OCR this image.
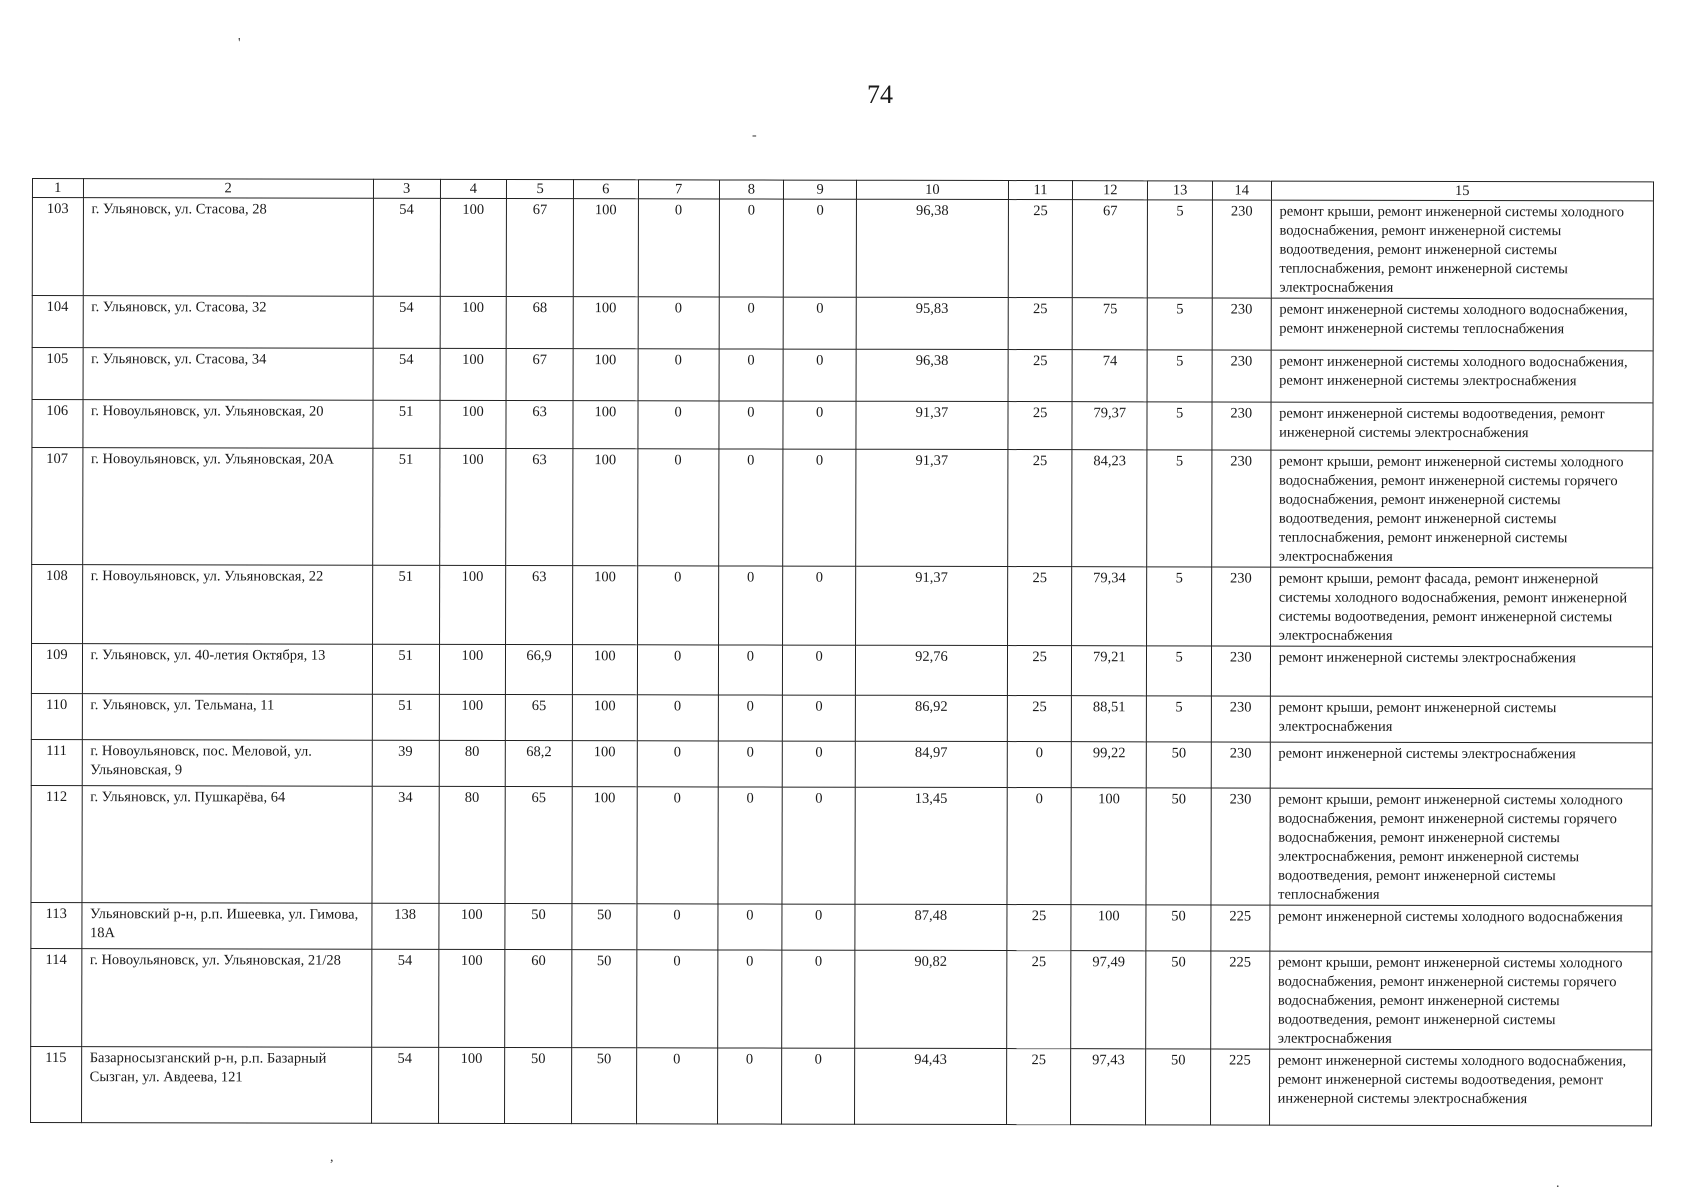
74
'
-
,
.
1	2	3	4	5	6	7	8	9	10	11	12	13	14	15
103	г. Ульяновск, ул. Стасова, 28	54	100	67	100	0	0	0	96,38	25	67	5	230	ремонт крыши, ремонт инженерной системы холодного водоснабжения, ремонт инженерной системы водоотведения, ремонт инженерной системы теплоснабжения, ремонт инженерной системы электроснабжения
104	г. Ульяновск, ул. Стасова, 32	54	100	68	100	0	0	0	95,83	25	75	5	230	ремонт инженерной системы холодного водоснабжения, ремонт инженерной системы теплоснабжения
105	г. Ульяновск, ул. Стасова, 34	54	100	67	100	0	0	0	96,38	25	74	5	230	ремонт инженерной системы холодного водоснабжения, ремонт инженерной системы электроснабжения
106	г. Новоульяновск, ул. Ульяновская, 20	51	100	63	100	0	0	0	91,37	25	79,37	5	230	ремонт инженерной системы водоотведения, ремонт инженерной системы электроснабжения
107	г. Новоульяновск, ул. Ульяновская, 20А	51	100	63	100	0	0	0	91,37	25	84,23	5	230	ремонт крыши, ремонт инженерной системы холодного водоснабжения, ремонт инженерной системы горячего водоснабжения, ремонт инженерной системы водоотведения, ремонт инженерной системы теплоснабжения, ремонт инженерной системы электроснабжения
108	г. Новоульяновск, ул. Ульяновская, 22	51	100	63	100	0	0	0	91,37	25	79,34	5	230	ремонт крыши, ремонт фасада, ремонт инженерной системы холодного водоснабжения, ремонт инженерной системы водоотведения, ремонт инженерной системы электроснабжения
109	г. Ульяновск, ул. 40-летия Октября, 13	51	100	66,9	100	0	0	0	92,76	25	79,21	5	230	ремонт инженерной системы электроснабжения
110	г. Ульяновск, ул. Тельмана, 11	51	100	65	100	0	0	0	86,92	25	88,51	5	230	ремонт крыши, ремонт инженерной системы электроснабжения
111	г. Новоульяновск, пос. Меловой, ул. Ульяновская, 9	39	80	68,2	100	0	0	0	84,97	0	99,22	50	230	ремонт инженерной системы электроснабжения
112	г. Ульяновск, ул. Пушкарёва, 64	34	80	65	100	0	0	0	13,45	0	100	50	230	ремонт крыши, ремонт инженерной системы холодного водоснабжения, ремонт инженерной системы горячего водоснабжения, ремонт инженерной системы электроснабжения, ремонт инженерной системы водоотведения, ремонт инженерной системы теплоснабжения
113	Ульяновский р-н, р.п. Ишеевка, ул. Гимова, 18А	138	100	50	50	0	0	0	87,48	25	100	50	225	ремонт инженерной системы холодного водоснабжения
114	г. Новоульяновск, ул. Ульяновская, 21/28	54	100	60	50	0	0	0	90,82	25	97,49	50	225	ремонт крыши, ремонт инженерной системы холодного водоснабжения, ремонт инженерной системы горячего водоснабжения, ремонт инженерной системы водоотведения, ремонт инженерной системы электроснабжения
115	Базарносызганский р-н, р.п. Базарный Сызган, ул. Авдеева, 121	54	100	50	50	0	0	0	94,43	25	97,43	50	225	ремонт инженерной системы холодного водоснабжения, ремонт инженерной системы водоотведения, ремонт инженерной системы электроснабжения
